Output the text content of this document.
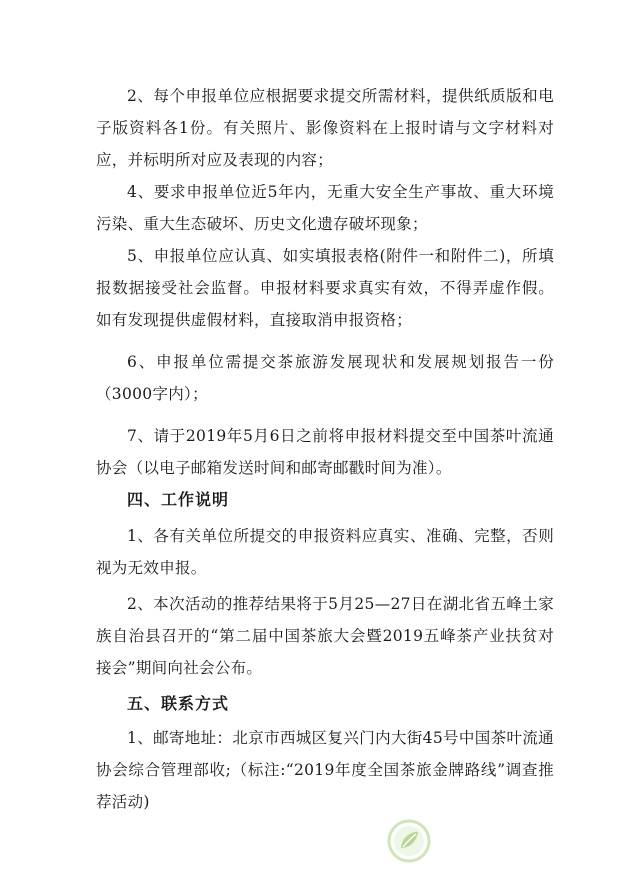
2、每个申报单位应根据要求提交所需材料，提供纸质版和电子版资料各1份。有关照片、影像资料在上报时请与文字材料对应，并标明所对应及表现的内容；

4、要求申报单位近5年内，无重大安全生产事故、重大环境污染、重大生态破坏、历史文化遗存破坏现象；

5、申报单位应认真、如实填报表格(附件一和附件二)，所填报数据接受社会监督。申报材料要求真实有效，不得弄虚作假。如有发现提供虚假材料，直接取消申报资格；

6、申报单位需提交茶旅游发展现状和发展规划报告一份（3000字内）；

7、请于2019年5月6日之前将申报材料提交至中国茶叶流通协会（以电子邮箱发送时间和邮寄邮戳时间为准）。

四、工作说明

1、各有关单位所提交的申报资料应真实、准确、完整，否则视为无效申报。

2、本次活动的推荐结果将于5月25—27日在湖北省五峰土家族自治县召开的“第二届中国茶旅大会暨2019五峰茶产业扶贫对接会”期间向社会公布。

五、联系方式

1、邮寄地址：北京市西城区复兴门内大街45号中国茶叶流通协会综合管理部收;（标注:“2019年度全国茶旅金牌路线”调查推荐活动)
